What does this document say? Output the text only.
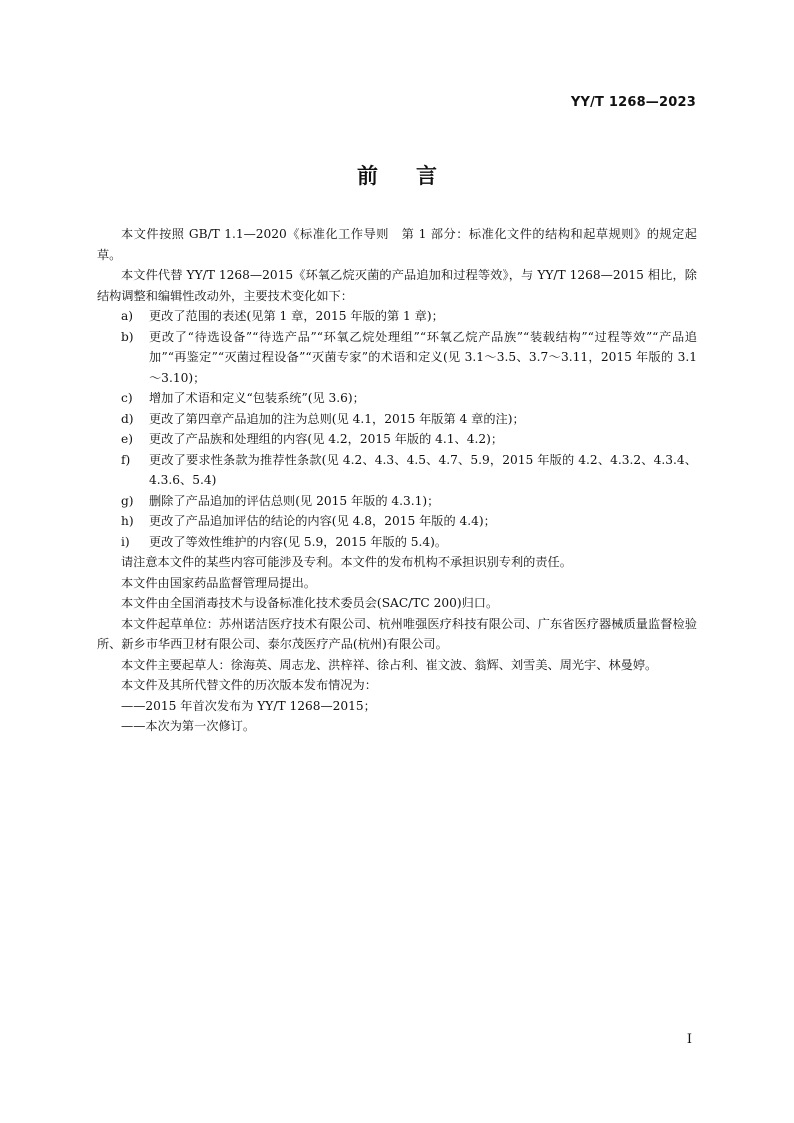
YY/T 1268—2023
前言

本文件按照 GB/T 1.1—2020《标准化工作导则　第 1 部分：标准化文件的结构和起草规则》的规定起草。

本文件代替 YY/T 1268—2015《环氧乙烷灭菌的产品追加和过程等效》，与 YY/T 1268—2015 相比，除结构调整和编辑性改动外，主要技术变化如下：

a) 更改了范围的表述(见第 1 章，2015 年版的第 1 章)；

b) 更改了“待选设备”“待选产品”“环氧乙烷处理组”“环氧乙烷产品族”“装载结构”“过程等效”“产品追加”“再鉴定”“灭菌过程设备”“灭菌专家”的术语和定义(见 3.1～3.5、3.7～3.11，2015 年版的 3.1～3.10)；

c) 增加了术语和定义“包装系统”(见 3.6)；

d) 更改了第四章产品追加的注为总则(见 4.1，2015 年版第 4 章的注)；

e) 更改了产品族和处理组的内容(见 4.2，2015 年版的 4.1、4.2)；

f) 更改了要求性条款为推荐性条款(见 4.2、4.3、4.5、4.7、5.9，2015 年版的 4.2、4.3.2、4.3.4、4.3.6、5.4)

g) 删除了产品追加的评估总则(见 2015 年版的 4.3.1)；

h) 更改了产品追加评估的结论的内容(见 4.8，2015 年版的 4.4)；

i) 更改了等效性维护的内容(见 5.9，2015 年版的 5.4)。

请注意本文件的某些内容可能涉及专利。本文件的发布机构不承担识别专利的责任。

本文件由国家药品监督管理局提出。

本文件由全国消毒技术与设备标准化技术委员会(SAC/TC 200)归口。

本文件起草单位：苏州诺洁医疗技术有限公司、杭州唯强医疗科技有限公司、广东省医疗器械质量监督检验所、新乡市华西卫材有限公司、泰尔茂医疗产品(杭州)有限公司。

本文件主要起草人：徐海英、周志龙、洪梓祥、徐占利、崔文波、翁辉、刘雪美、周光宇、林曼婷。

本文件及其所代替文件的历次版本发布情况为：

——2015 年首次发布为 YY/T 1268—2015；

——本次为第一次修订。

I
